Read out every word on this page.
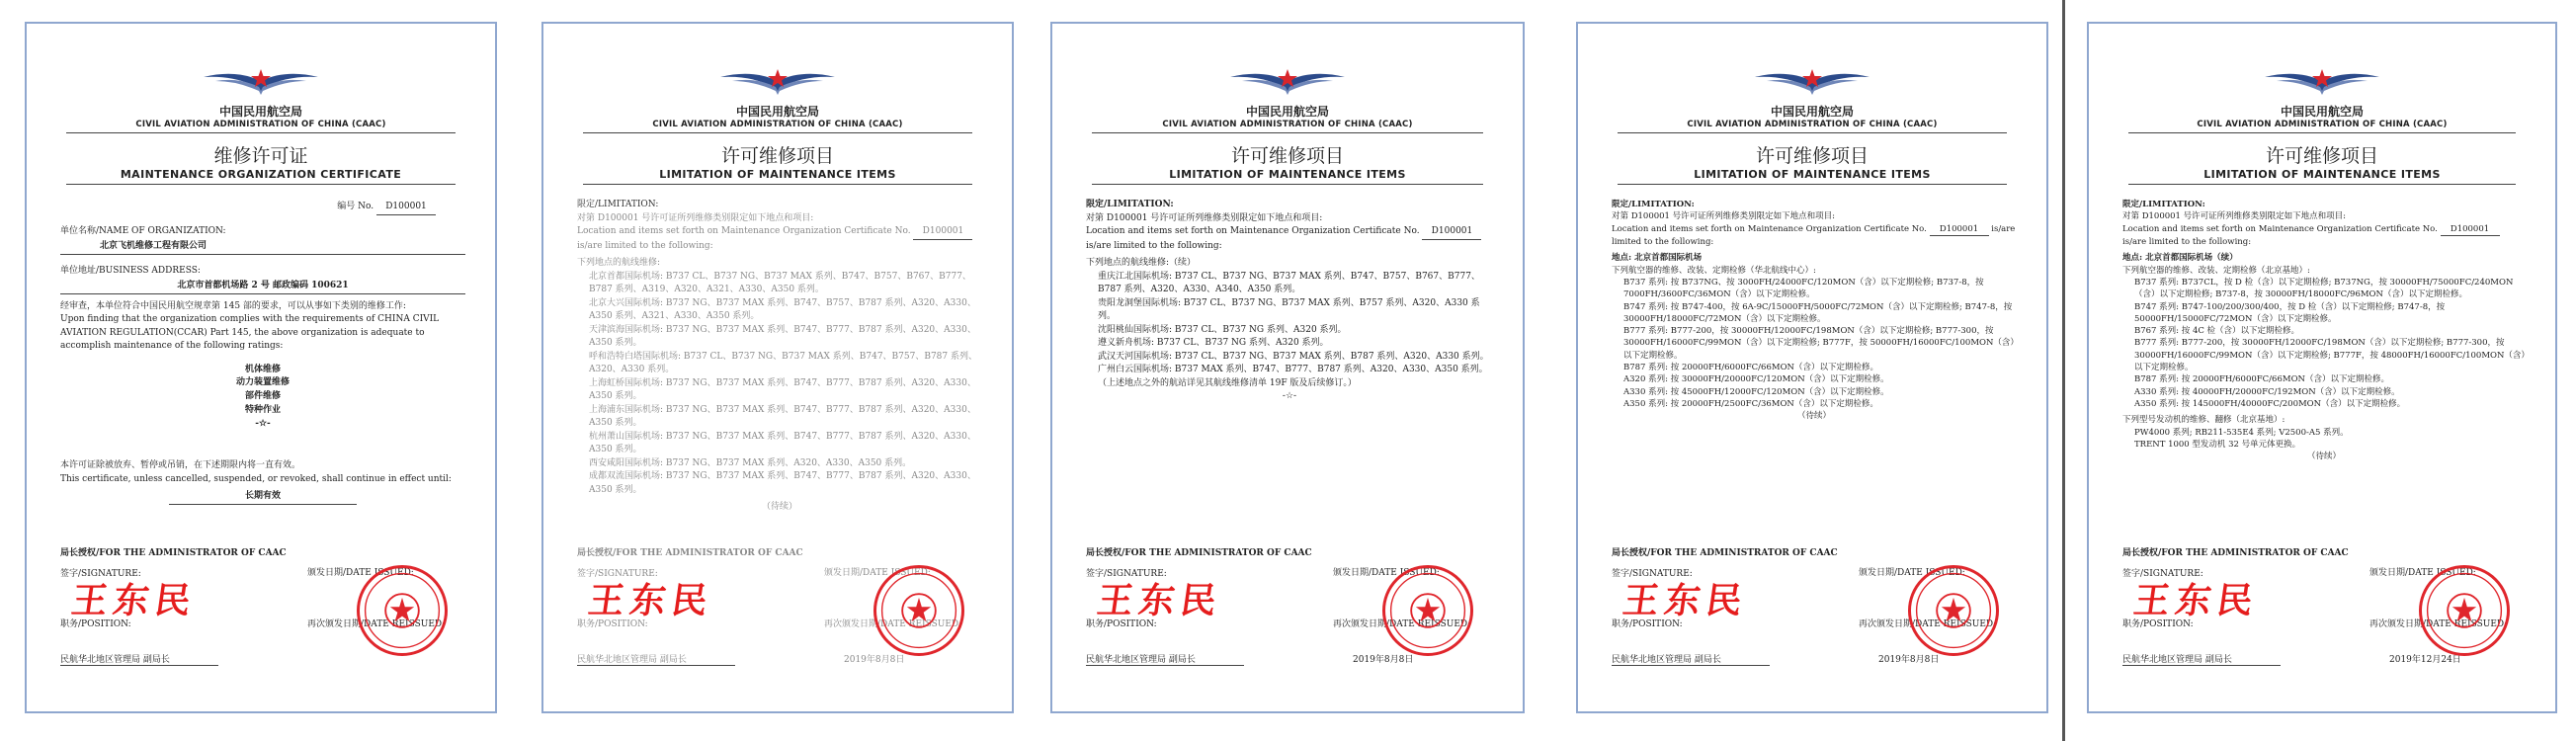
中国民用航空局
CIVIL AVIATION ADMINISTRATION OF CHINA (CAAC)
维修许可证
MAINTENANCE ORGANIZATION CERTIFICATE
编号 No. D100001
单位名称/NAME OF ORGANIZATION:
北京飞机维修工程有限公司
单位地址/BUSINESS ADDRESS:
北京市首都机场路 2 号 邮政编码 100621
经审查，本单位符合中国民用航空规章第 145 部的要求，可以从事如下类别的维修工作:
Upon finding that the organization complies with the requirements of CHINA CIVIL AVIATION REGULATION(CCAR) Part 145, the above organization is adequate to accomplish maintenance of the following ratings:
机体维修
动力装置维修
部件维修
特种作业
-☆-
本许可证除被放弃、暂停或吊销，在下述期限内将一直有效。
This certificate, unless cancelled, suspended, or revoked, shall continue in effect until:
长期有效
局长授权/FOR THE ADMINISTRATOR OF CAAC
签字/SIGNATURE:
王东民
颁发日期/DATE ISSUED:
职务/POSITION:	再次颁发日期/DATE REISSUED:
民航华北地区管理局 副局长
中国民用航空局
CIVIL AVIATION ADMINISTRATION OF CHINA (CAAC)
许可维修项目
LIMITATION OF MAINTENANCE ITEMS
限定/LIMITATION:
对第 D100001 号许可证所列维修类别限定如下地点和项目:
Location and items set forth on Maintenance Organization Certificate No. D100001 is/are limited to the following:
下列地点的航线维修:
北京首都国际机场: B737 CL、B737 NG、B737 MAX 系列、B747、B757、B767、B777、B787 系列、A319、A320、A321、A330、A350 系列。
北京大兴国际机场: B737 NG、B737 MAX 系列、B747、B757、B787 系列、A320、A330、A350 系列、A321、A330、A350 系列。
天津滨海国际机场: B737 NG、B737 MAX 系列、B747、B777、B787 系列、A320、A330、A350 系列。
呼和浩特白塔国际机场: B737 CL、B737 NG、B737 MAX 系列、B747、B757、B787 系列、A320、A330 系列。
上海虹桥国际机场: B737 NG、B737 MAX 系列、B747、B777、B787 系列、A320、A330、A350 系列。
上海浦东国际机场: B737 NG、B737 MAX 系列、B747、B777、B787 系列、A320、A330、A350 系列。
杭州萧山国际机场: B737 NG、B737 MAX 系列、B747、B777、B787 系列、A320、A330、A350 系列。
西安咸阳国际机场: B737 NG、B737 MAX 系列、A320、A330、A350 系列。
成都双流国际机场: B737 NG、B737 MAX 系列、B747、B777、B787 系列、A320、A330、A350 系列。
（待续）
局长授权/FOR THE ADMINISTRATOR OF CAAC
签字/SIGNATURE:
王东民
颁发日期/DATE ISSUED:
职务/POSITION:	再次颁发日期/DATE REISSUED:
民航华北地区管理局 副局长	2019年8月8日
中国民用航空局
CIVIL AVIATION ADMINISTRATION OF CHINA (CAAC)
许可维修项目
LIMITATION OF MAINTENANCE ITEMS
限定/LIMITATION:
对第 D100001 号许可证所列维修类别限定如下地点和项目:
Location and items set forth on Maintenance Organization Certificate No. D100001 is/are limited to the following:
下列地点的航线维修:（续）
重庆江北国际机场: B737 CL、B737 NG、B737 MAX 系列、B747、B757、B767、B777、B787 系列、A320、A330、A340、A350 系列。
贵阳龙洞堡国际机场: B737 CL、B737 NG、B737 MAX 系列、B757 系列、A320、A330 系列。
沈阳桃仙国际机场: B737 CL、B737 NG 系列、A320 系列。
遵义新舟机场: B737 CL、B737 NG 系列、A320 系列。
武汉天河国际机场: B737 CL、B737 NG、B737 MAX 系列、B787 系列、A320、A330 系列。
广州白云国际机场: B737 MAX 系列、B747、B777、B787 系列、A320、A330、A350 系列。
（上述地点之外的航站详见其航线维修清单 19F 版及后续修订。）
-☆-
局长授权/FOR THE ADMINISTRATOR OF CAAC
签字/SIGNATURE:
王东民
颁发日期/DATE ISSUED:
职务/POSITION:	再次颁发日期/DATE REISSUED:
民航华北地区管理局 副局长	2019年8月8日
中国民用航空局
CIVIL AVIATION ADMINISTRATION OF CHINA (CAAC)
许可维修项目
LIMITATION OF MAINTENANCE ITEMS
限定/LIMITATION:
对第 D100001 号许可证所列维修类别限定如下地点和项目:
Location and items set forth on Maintenance Organization Certificate No. D100001 is/are limited to the following:
地点: 北京首都国际机场
下列航空器的维修、改装、定期检修（华北航线中心）:
B737 系列: 按 B737NG、按 3000FH/24000FC/120MON（含）以下定期检修; B737-8，按 7000FH/3600FC/36MON（含）以下定期检修。
B747 系列: 按 B747-400，按 6A-9C/15000FH/5000FC/72MON（含）以下定期检修; B747-8，按 30000FH/18000FC/72MON（含）以下定期检修。
B777 系列: B777-200，按 30000FH/12000FC/198MON（含）以下定期检修; B777-300，按 30000FH/16000FC/99MON（含）以下定期检修; B777F，按 50000FH/16000FC/100MON（含）以下定期检修。
B787 系列: 按 20000FH/6000FC/66MON（含）以下定期检修。
A320 系列: 按 30000FH/20000FC/120MON（含）以下定期检修。
A330 系列: 按 45000FH/12000FC/120MON（含）以下定期检修。
A350 系列: 按 20000FH/2500FC/36MON（含）以下定期检修。
（待续）
局长授权/FOR THE ADMINISTRATOR OF CAAC
签字/SIGNATURE:
王东民
颁发日期/DATE ISSUED:
职务/POSITION:	再次颁发日期/DATE REISSUED:
民航华北地区管理局 副局长	2019年8月8日
中国民用航空局
CIVIL AVIATION ADMINISTRATION OF CHINA (CAAC)
许可维修项目
LIMITATION OF MAINTENANCE ITEMS
限定/LIMITATION:
对第 D100001 号许可证所列维修类别限定如下地点和项目:
Location and items set forth on Maintenance Organization Certificate No. D100001 is/are limited to the following:
地点: 北京首都国际机场（续）
下列航空器的维修、改装、定期检修（北京基地）:
B737 系列: B737CL，按 D 检（含）以下定期检修; B737NG，按 30000FH/75000FC/240MON（含）以下定期检修; B737-8，按 30000FH/18000FC/96MON（含）以下定期检修。
B747 系列: B747-100/200/300/400，按 D 检（含）以下定期检修; B747-8，按 50000FH/15000FC/72MON（含）以下定期检修。
B767 系列: 按 4C 检（含）以下定期检修。
B777 系列: B777-200，按 30000FH/12000FC/198MON（含）以下定期检修; B777-300，按 30000FH/16000FC/99MON（含）以下定期检修; B777F，按 48000FH/16000FC/100MON（含）以下定期检修。
B787 系列: 按 20000FH/6000FC/66MON（含）以下定期检修。
A330 系列: 按 40000FH/20000FC/192MON（含）以下定期检修。
A350 系列: 按 145000FH/40000FC/200MON（含）以下定期检修。
下列型号发动机的维修、翻修（北京基地）:
PW4000 系列; RB211-535E4 系列; V2500-A5 系列。
TRENT 1000 型发动机 32 号单元体更换。
（待续）
局长授权/FOR THE ADMINISTRATOR OF CAAC
签字/SIGNATURE:
王东民
颁发日期/DATE ISSUED:
职务/POSITION:	再次颁发日期/DATE REISSUED:
民航华北地区管理局 副局长	2019年12月24日
